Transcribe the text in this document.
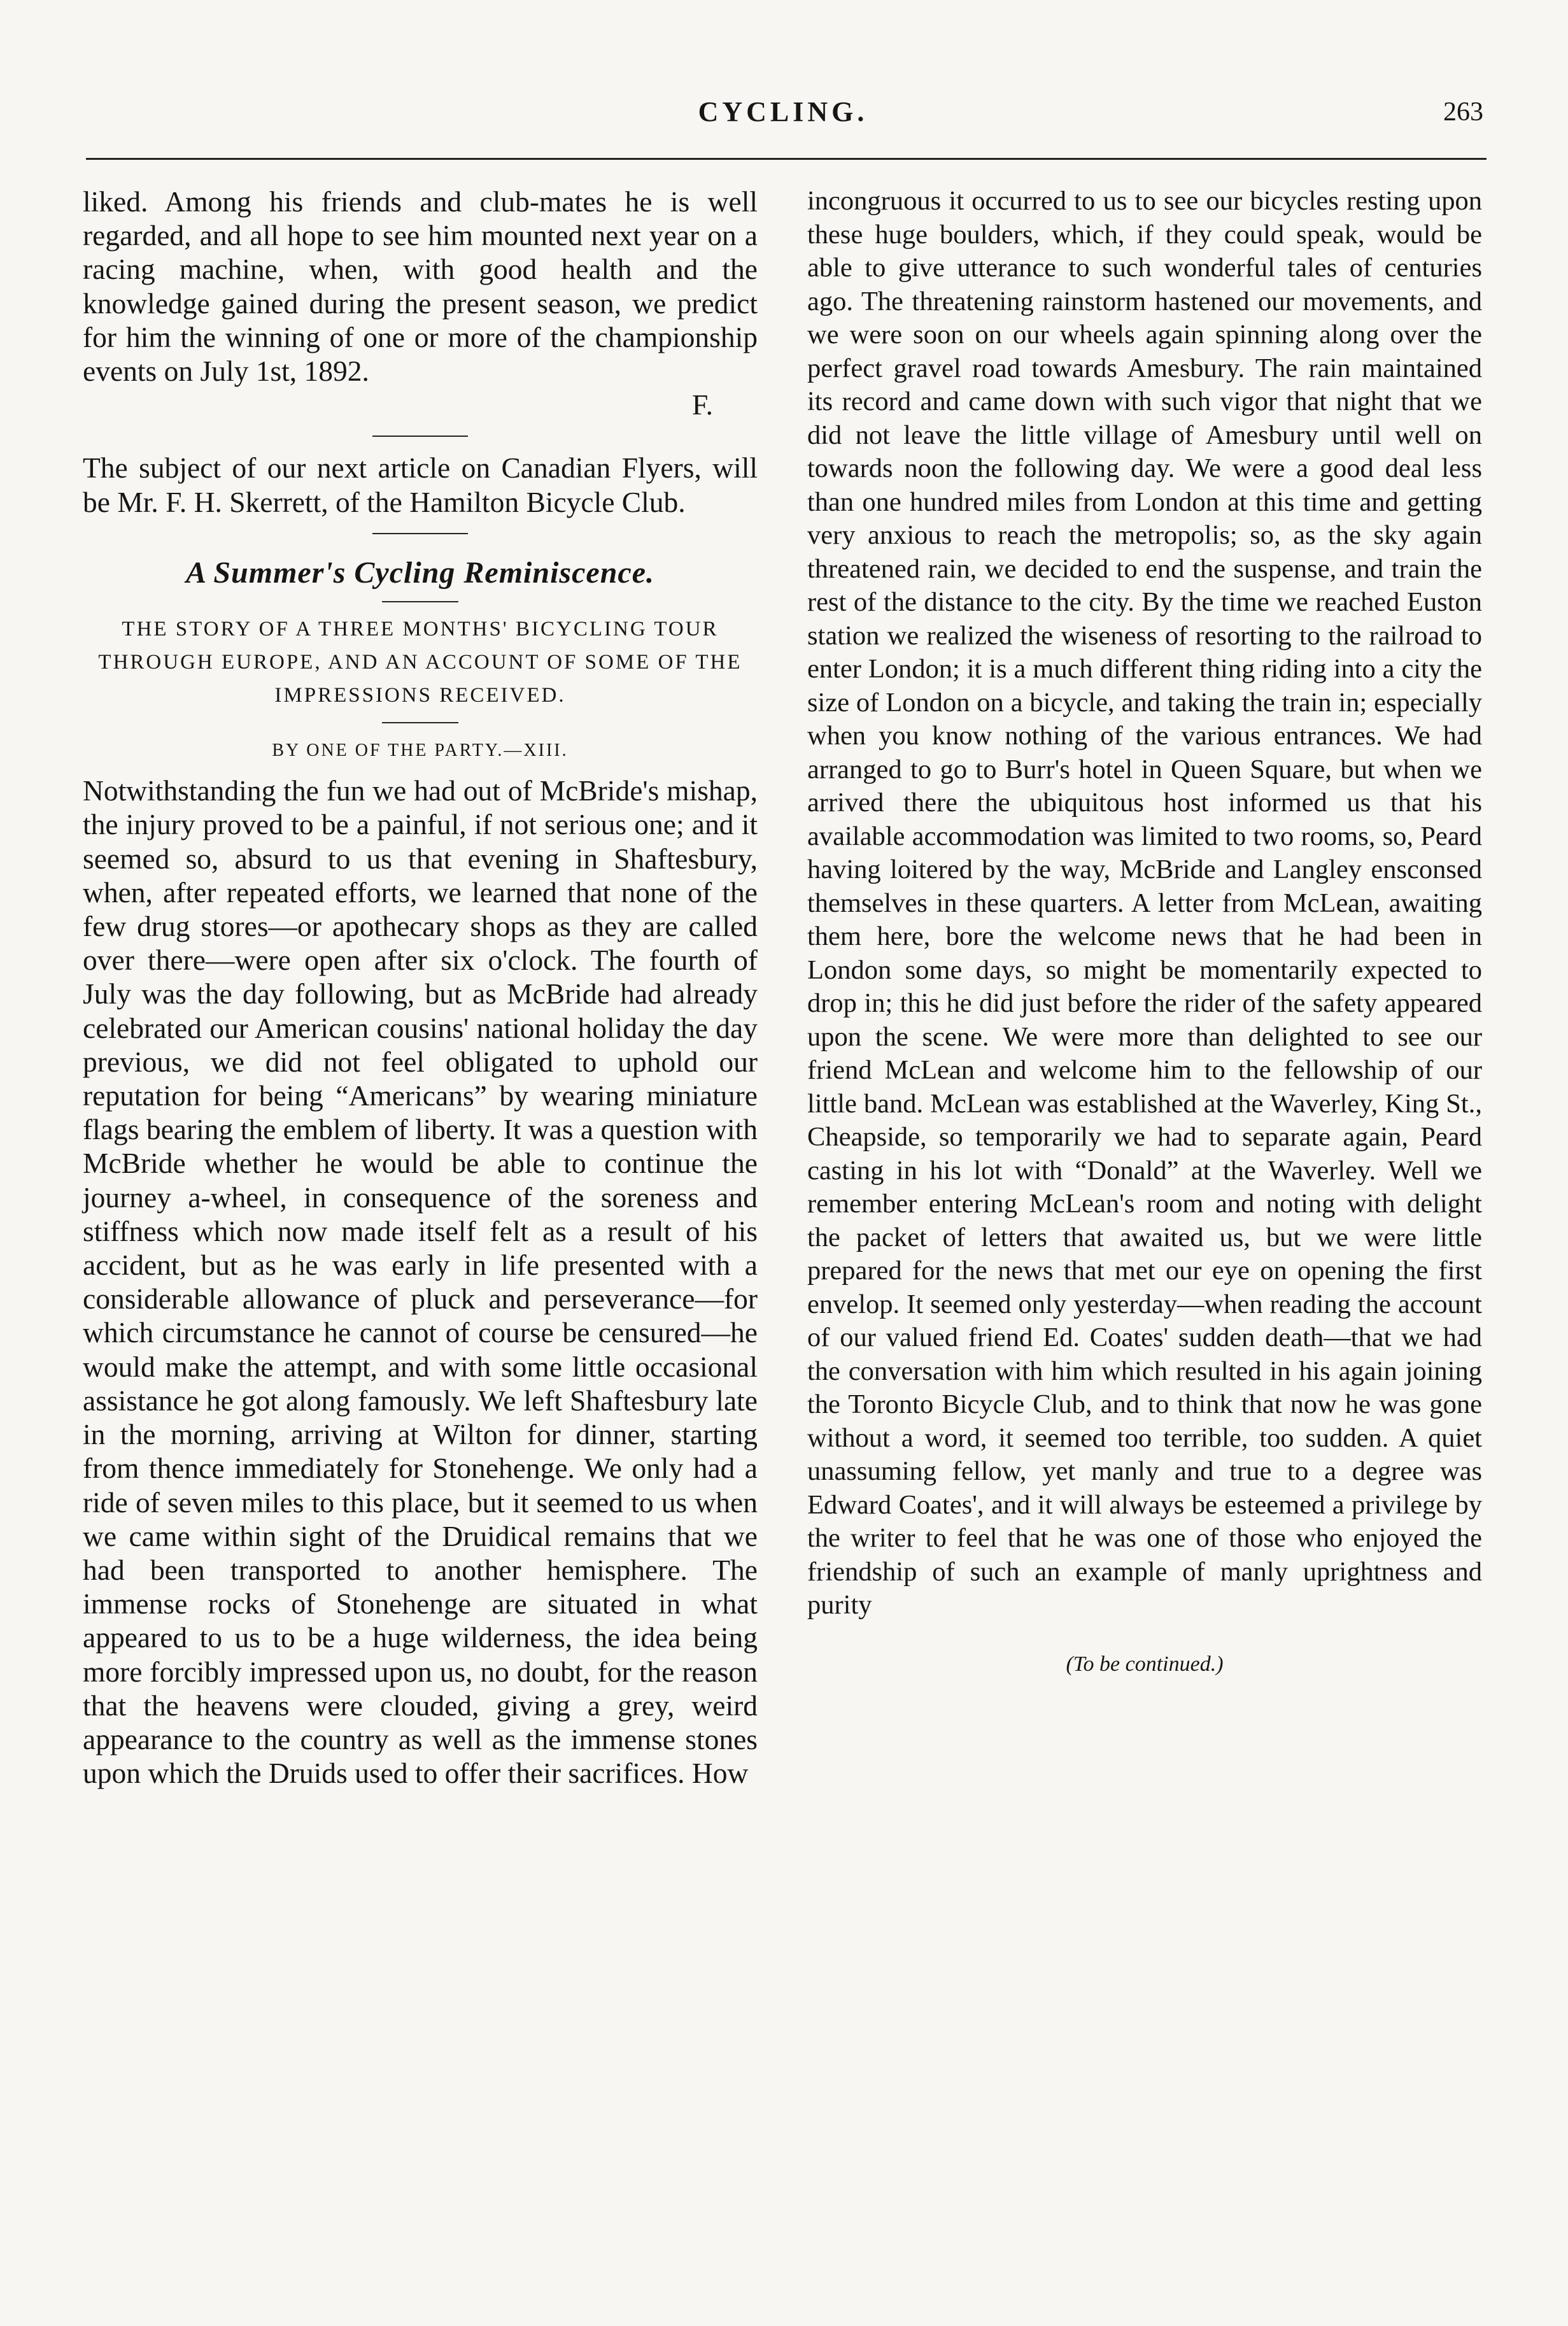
CYCLING.	263

liked. Among his friends and club-mates he is well regarded, and all hope to see him mounted next year on a racing machine, when, with good health and the knowledge gained during the present season, we predict for him the winning of one or more of the championship events on July 1st, 1892.

F.

The subject of our next article on Canadian Flyers, will be Mr. F. H. Skerrett, of the Hamilton Bicycle Club.

A Summer's Cycling Reminiscence.
THE STORY OF A THREE MONTHS' BICYCLING TOUR THROUGH EUROPE, AND AN ACCOUNT OF SOME OF THE IMPRESSIONS RECEIVED.
BY ONE OF THE PARTY.—XIII.

Notwithstanding the fun we had out of McBride's mishap, the injury proved to be a painful, if not serious one; and it seemed so, absurd to us that evening in Shaftesbury, when, after repeated efforts, we learned that none of the few drug stores—or apothecary shops as they are called over there—were open after six o'clock. The fourth of July was the day following, but as McBride had already celebrated our American cousins' national holiday the day previous, we did not feel obligated to uphold our reputation for being “Americans” by wearing miniature flags bearing the emblem of liberty. It was a question with McBride whether he would be able to continue the journey a-wheel, in consequence of the soreness and stiffness which now made itself felt as a result of his accident, but as he was early in life presented with a considerable allowance of pluck and perseverance—for which circumstance he cannot of course be censured—he would make the attempt, and with some little occasional assistance he got along famously. We left Shaftesbury late in the morning, arriving at Wilton for dinner, starting from thence immediately for Stonehenge. We only had a ride of seven miles to this place, but it seemed to us when we came within sight of the Druidical remains that we had been transported to another hemisphere. The immense rocks of Stonehenge are situated in what appeared to us to be a huge wilderness, the idea being more forcibly impressed upon us, no doubt, for the reason that the heavens were clouded, giving a grey, weird appearance to the country as well as the immense stones upon which the Druids used to offer their sacrifices. How

incongruous it occurred to us to see our bicycles resting upon these huge boulders, which, if they could speak, would be able to give utterance to such wonderful tales of centuries ago. The threatening rainstorm hastened our movements, and we were soon on our wheels again spinning along over the perfect gravel road towards Amesbury. The rain maintained its record and came down with such vigor that night that we did not leave the little village of Amesbury until well on towards noon the following day. We were a good deal less than one hundred miles from London at this time and getting very anxious to reach the metropolis; so, as the sky again threatened rain, we decided to end the suspense, and train the rest of the distance to the city. By the time we reached Euston station we realized the wiseness of resorting to the railroad to enter London; it is a much different thing riding into a city the size of London on a bicycle, and taking the train in; especially when you know nothing of the various entrances. We had arranged to go to Burr's hotel in Queen Square, but when we arrived there the ubiquitous host informed us that his available accommodation was limited to two rooms, so, Peard having loitered by the way, McBride and Langley ensconsed themselves in these quarters. A letter from McLean, awaiting them here, bore the welcome news that he had been in London some days, so might be momentarily expected to drop in; this he did just before the rider of the safety appeared upon the scene. We were more than delighted to see our friend McLean and welcome him to the fellowship of our little band. McLean was established at the Waverley, King St., Cheapside, so temporarily we had to separate again, Peard casting in his lot with “Donald” at the Waverley. Well we remember entering McLean's room and noting with delight the packet of letters that awaited us, but we were little prepared for the news that met our eye on opening the first envelop. It seemed only yesterday—when reading the account of our valued friend Ed. Coates' sudden death—that we had the conversation with him which resulted in his again joining the Toronto Bicycle Club, and to think that now he was gone without a word, it seemed too terrible, too sudden. A quiet unassuming fellow, yet manly and true to a degree was Edward Coates', and it will always be esteemed a privilege by the writer to feel that he was one of those who enjoyed the friendship of such an example of manly uprightness and purity

(To be continued.)
